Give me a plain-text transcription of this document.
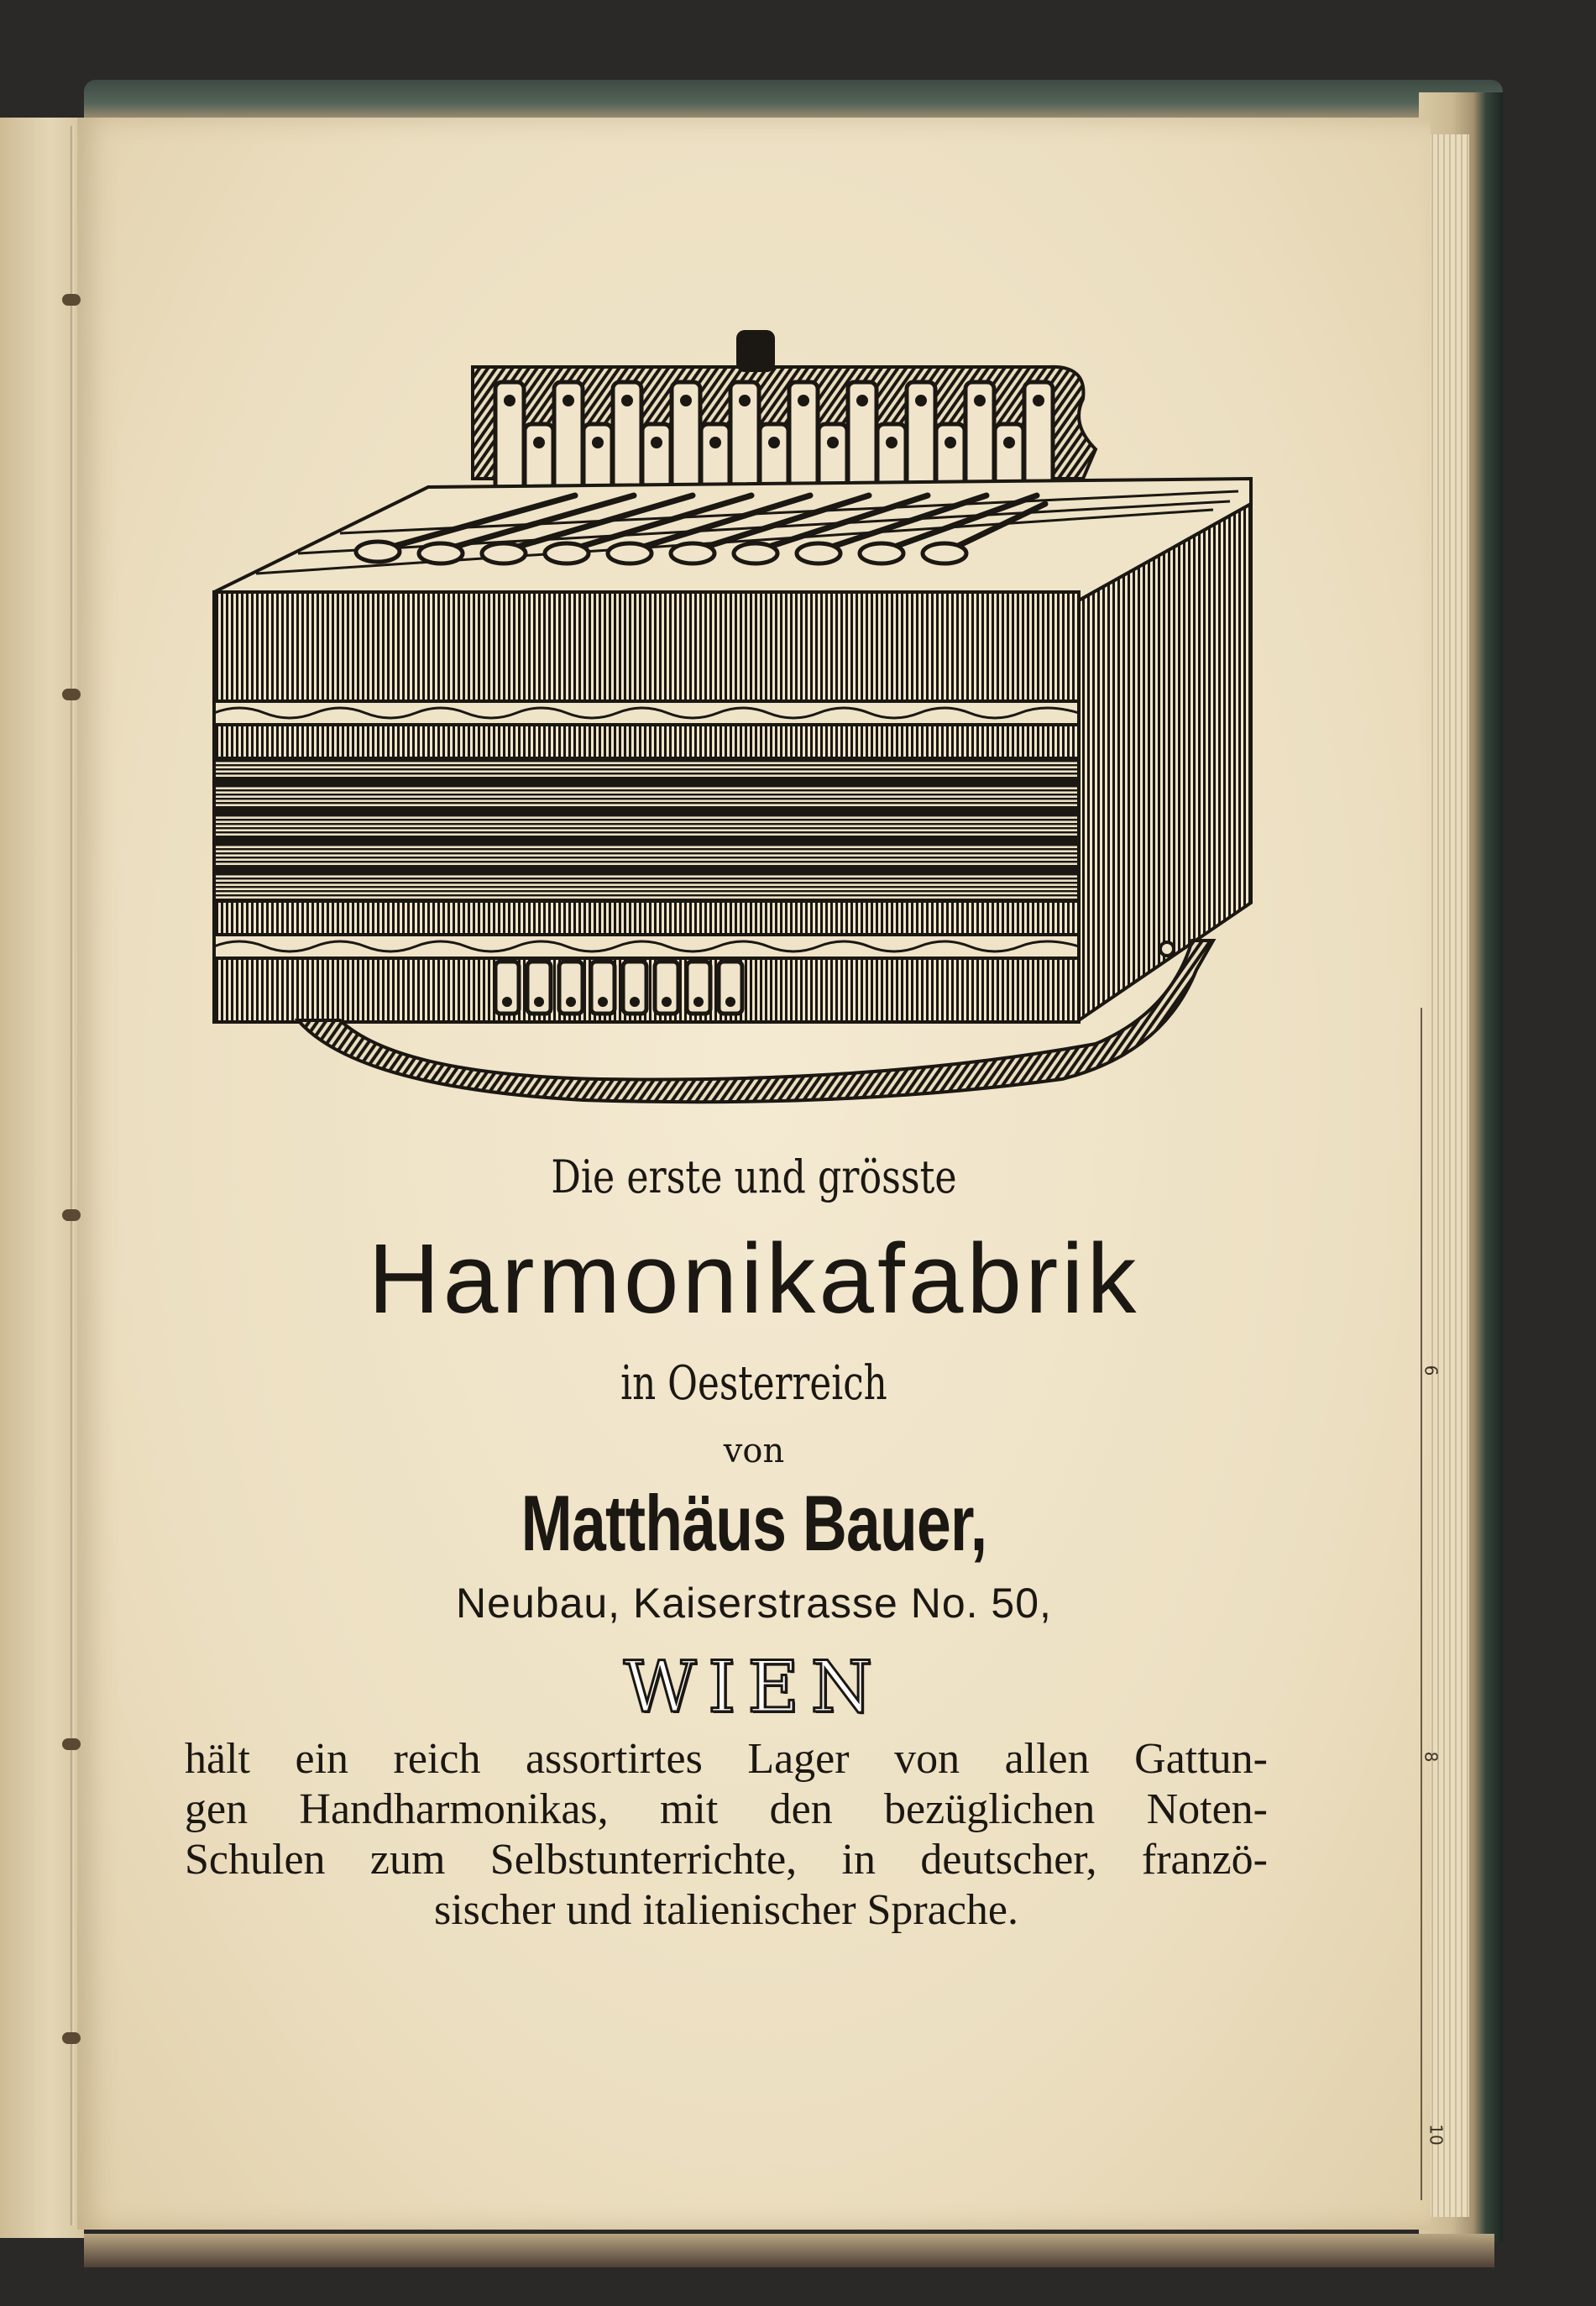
6
8
10

Die erste und grösste

Harmonikafabrik

in Oesterreich

von

Matthäus Bauer,

Neubau, Kaiserstrasse No. 50,

WIEN

hält ein reich assortirtes Lager von allen Gattun-
gen Handharmonikas, mit den bezüglichen Noten-
Schulen zum Selbstunterrichte, in deutscher, franzö-
sischer und italienischer Sprache.
